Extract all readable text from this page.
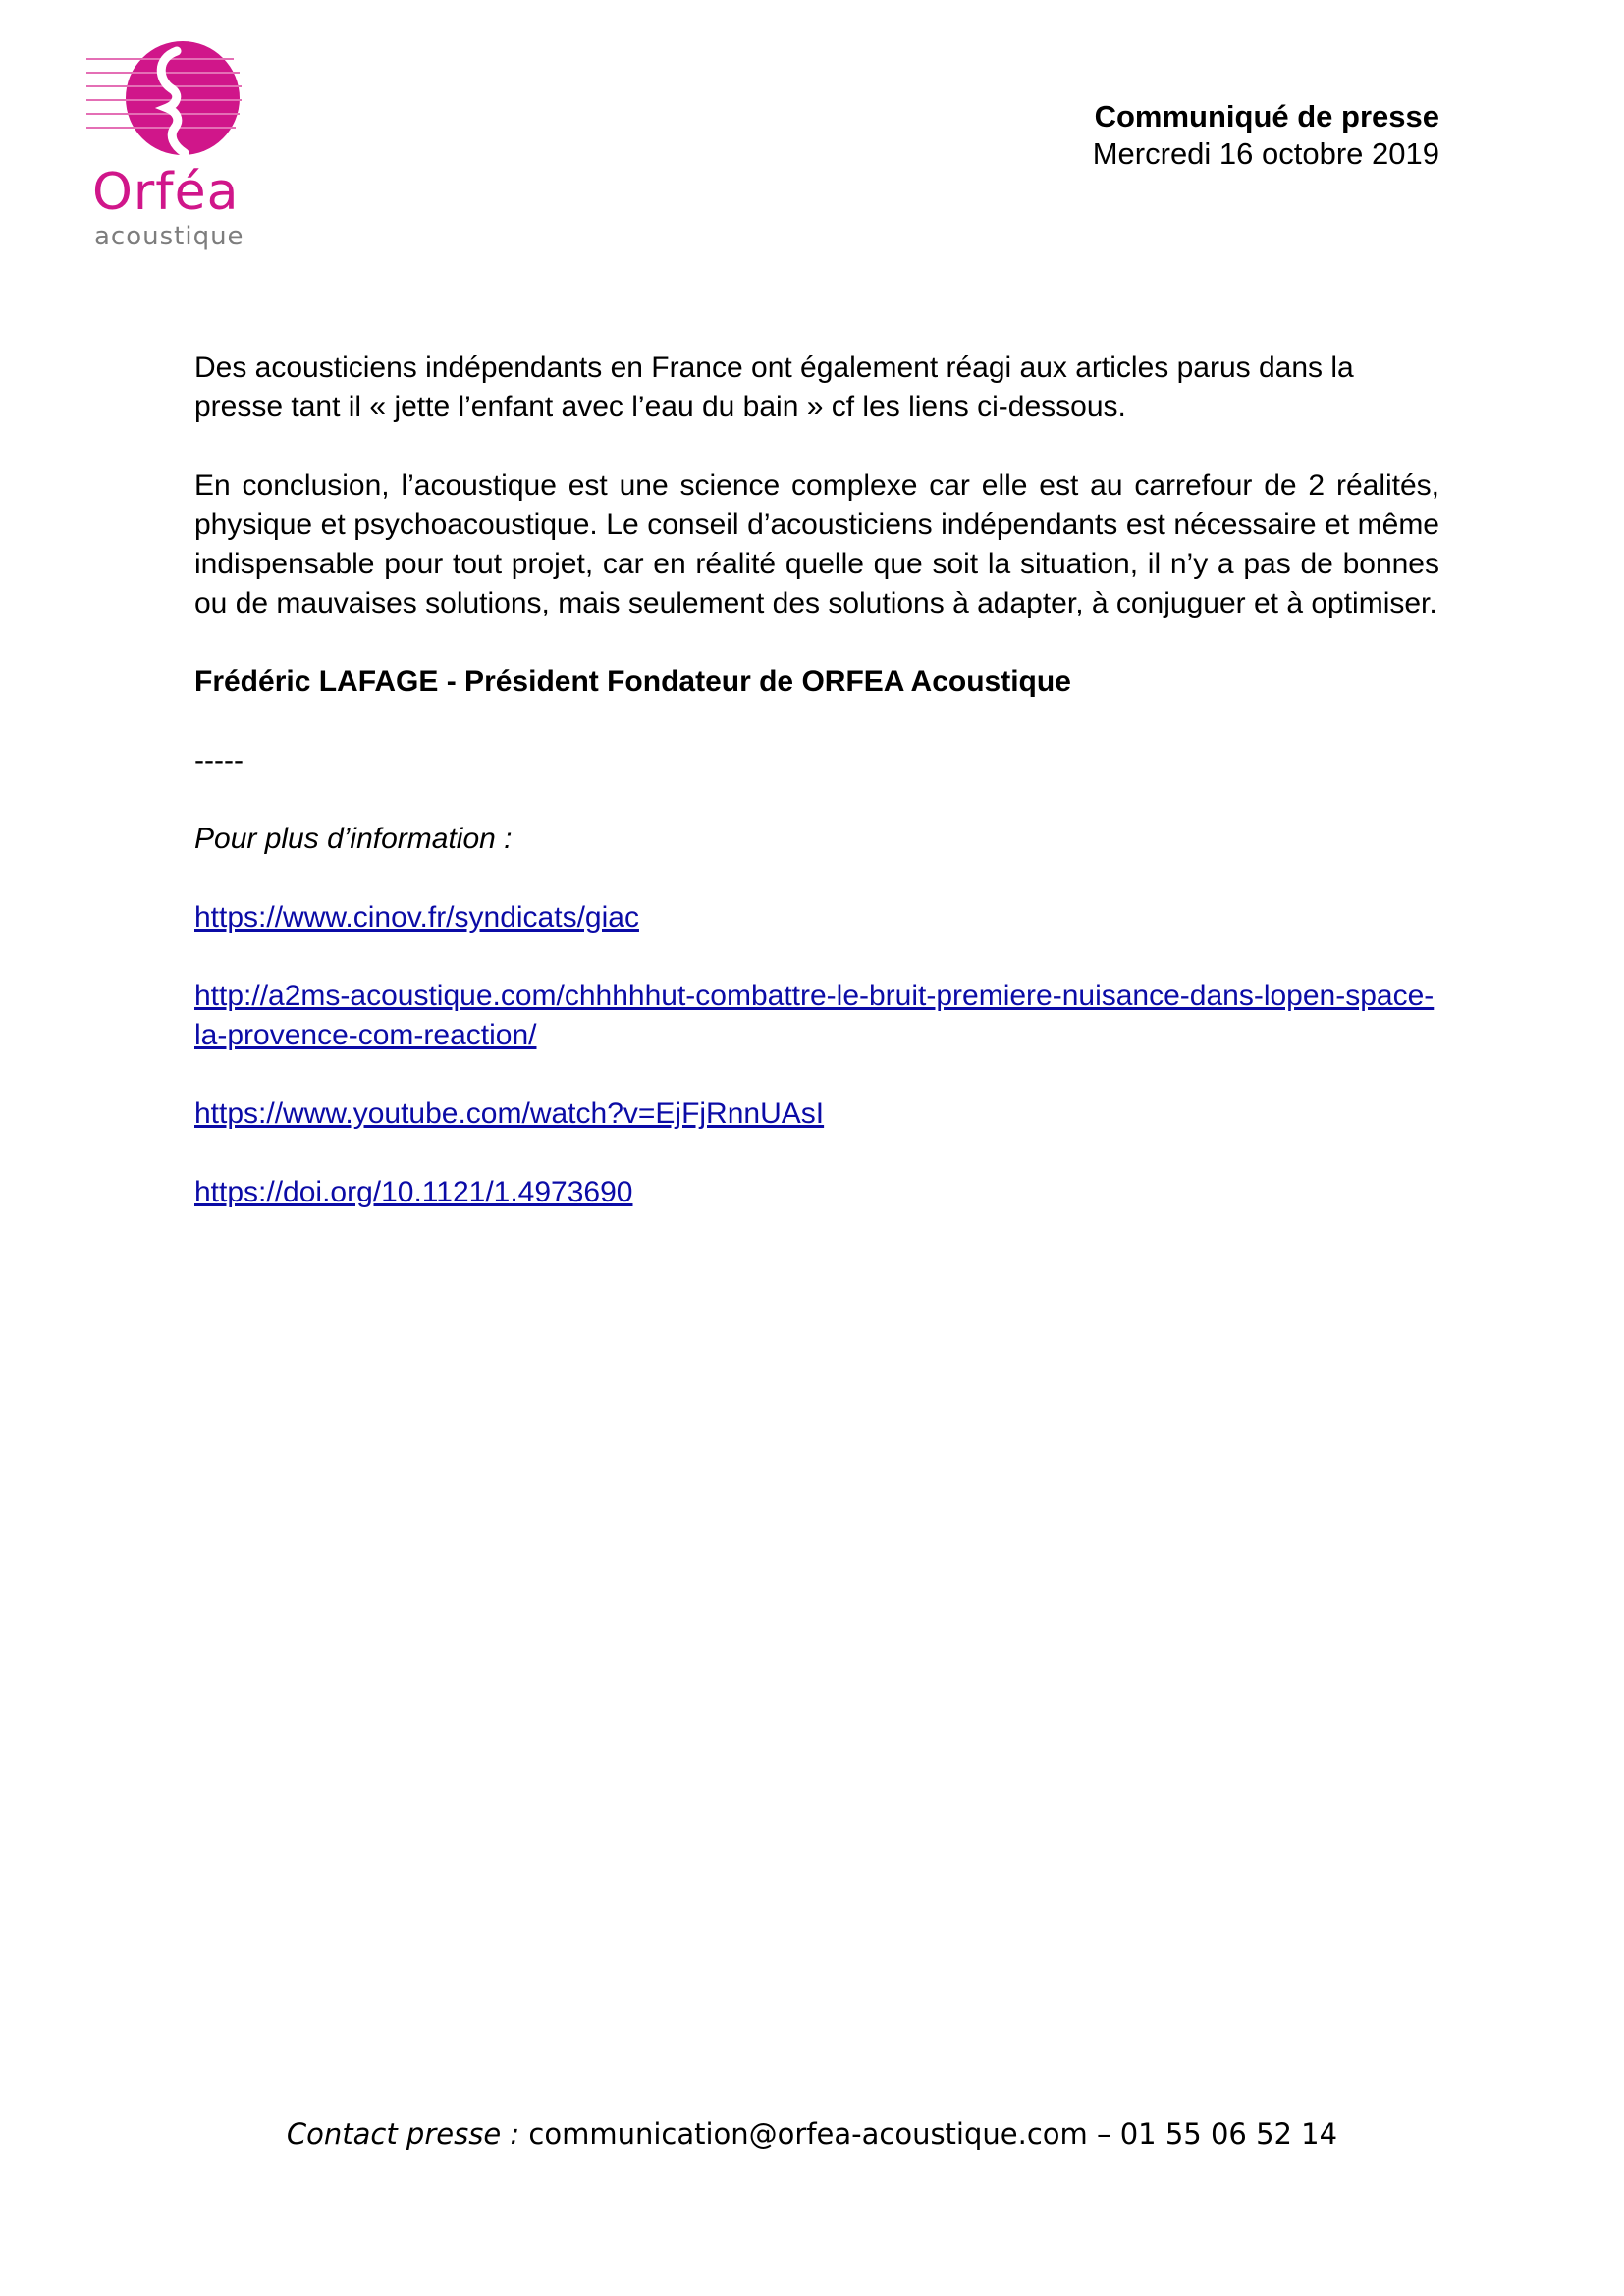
Orféa
acoustique
Communiqué de presse
Mercredi 16 octobre 2019

Des acousticiens indépendants en France ont également réagi aux articles parus dans la presse tant il « jette l’enfant avec l’eau du bain » cf les liens ci-dessous.

En conclusion, l’acoustique est une science complexe car elle est au carrefour de 2 réalités, physique et psychoacoustique. Le conseil d’acousticiens indépendants est nécessaire et même indispensable pour tout projet, car en réalité quelle que soit la situation, il n’y a pas de bonnes ou de mauvaises solutions, mais seulement des solutions à adapter, à conjuguer et à optimiser.

Frédéric LAFAGE - Président Fondateur de ORFEA Acoustique

-----

Pour plus d’information :

https://www.cinov.fr/syndicats/giac

http://a2ms-acoustique.com/chhhhhut-combattre-le-bruit-premiere-nuisance-dans-lopen-space-la-provence-com-reaction/

https://www.youtube.com/watch?v=EjFjRnnUAsI

https://doi.org/10.1121/1.4973690

Contact presse : communication@orfea-acoustique.com – 01 55 06 52 14
